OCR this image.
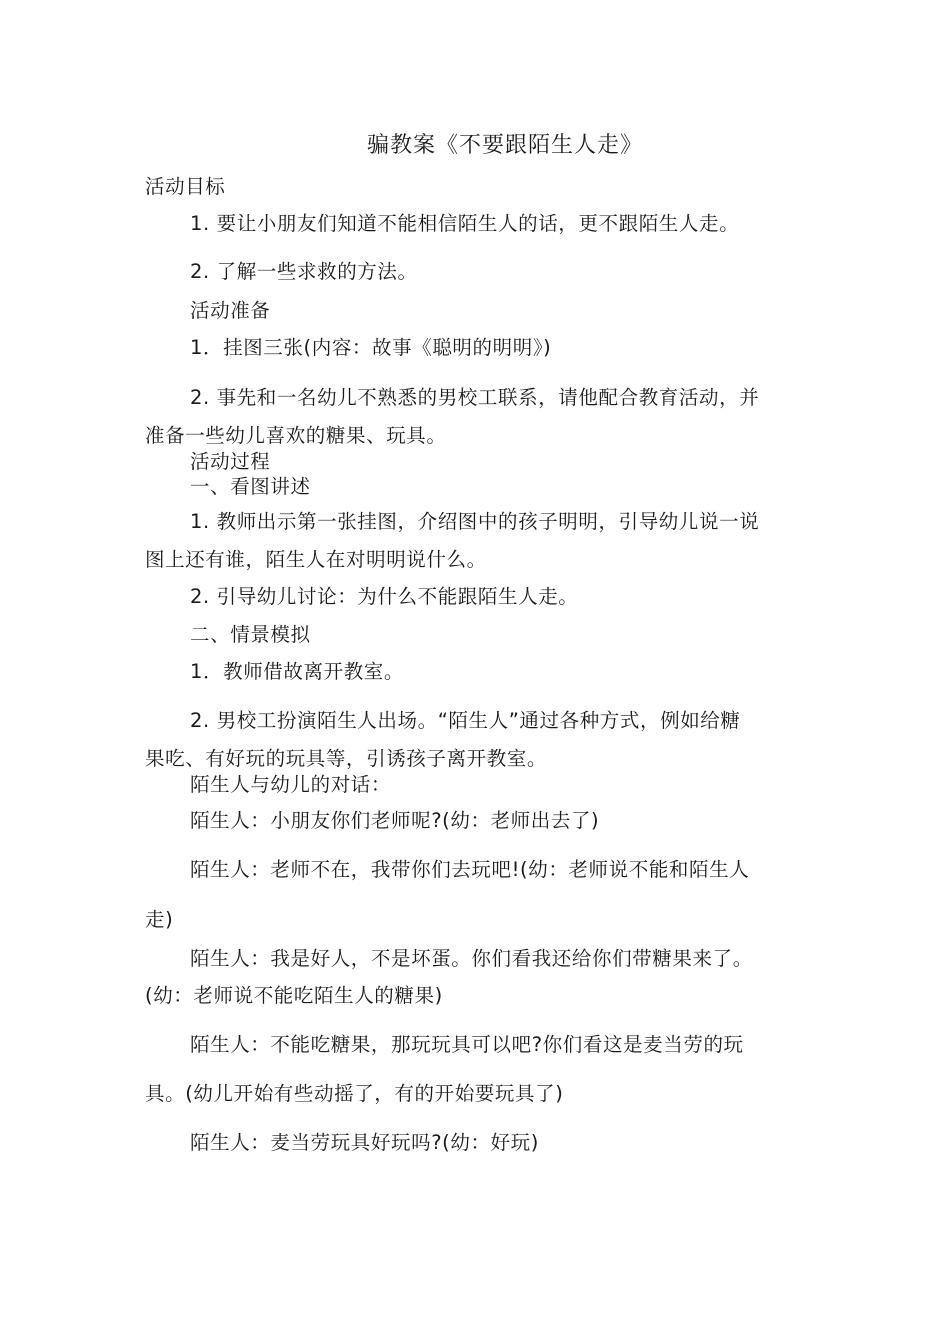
骗教案《不要跟陌生人走》
活动目标
1. 要让小朋友们知道不能相信陌生人的话，更不跟陌生人走。
2. 了解一些求救的方法。
活动准备
1．挂图三张(内容：故事《聪明的明明》)
2. 事先和一名幼儿不熟悉的男校工联系，请他配合教育活动，并
准备一些幼儿喜欢的糖果、玩具。
活动过程
一、看图讲述
1. 教师出示第一张挂图，介绍图中的孩子明明，引导幼儿说一说
图上还有谁，陌生人在对明明说什么。
2. 引导幼儿讨论：为什么不能跟陌生人走。
二、情景模拟
1．教师借故离开教室。
2. 男校工扮演陌生人出场。“陌生人”通过各种方式，例如给糖
果吃、有好玩的玩具等，引诱孩子离开教室。
陌生人与幼儿的对话：
陌生人：小朋友你们老师呢?(幼：老师出去了)
陌生人：老师不在，我带你们去玩吧!(幼：老师说不能和陌生人
走)
陌生人：我是好人，不是坏蛋。你们看我还给你们带糖果来了。
(幼：老师说不能吃陌生人的糖果)
陌生人：不能吃糖果，那玩玩具可以吧?你们看这是麦当劳的玩
具。(幼儿开始有些动摇了，有的开始要玩具了)
陌生人：麦当劳玩具好玩吗?(幼：好玩)
